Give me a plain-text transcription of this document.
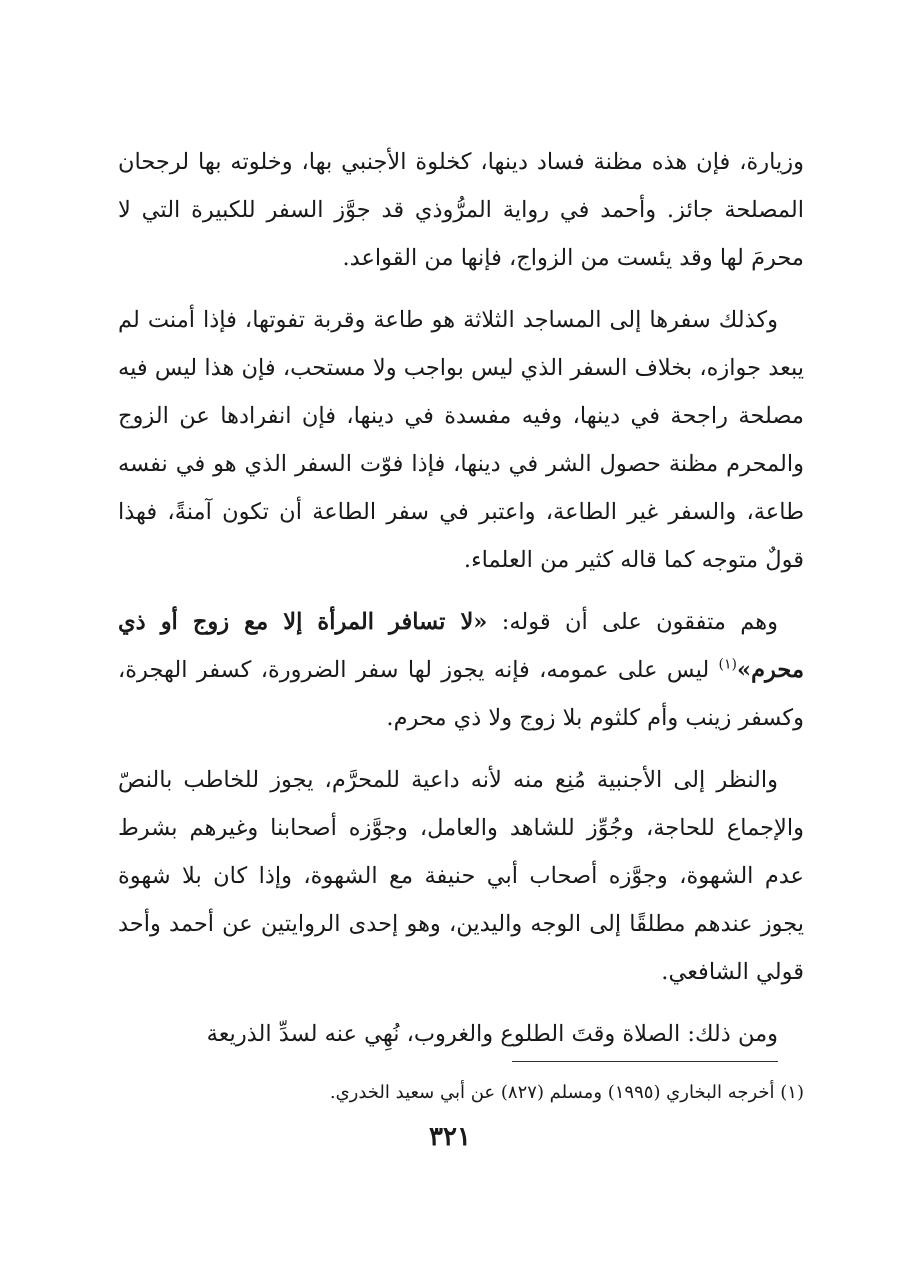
وزيارة، فإن هذه مظنة فساد دينها، كخلوة الأجنبي بها، وخلوته بها لرجحان المصلحة جائز. وأحمد في رواية المرُّوذي قد جوَّز السفر للكبيرة التي لا محرمَ لها وقد يئست من الزواج، فإنها من القواعد.

وكذلك سفرها إلى المساجد الثلاثة هو طاعة وقربة تفوتها، فإذا أمنت لم يبعد جوازه، بخلاف السفر الذي ليس بواجب ولا مستحب، فإن هذا ليس فيه مصلحة راجحة في دينها، وفيه مفسدة في دينها، فإن انفرادها عن الزوج والمحرم مظنة حصول الشر في دينها، فإذا فوّت السفر الذي هو في نفسه طاعة، والسفر غير الطاعة، واعتبر في سفر الطاعة أن تكون آمنةً، فهذا قولٌ متوجه كما قاله كثير من العلماء.

وهم متفقون على أن قوله: «لا تسافر المرأة إلا مع زوج أو ذي محرم»$^{(١)}$ ليس على عمومه، فإنه يجوز لها سفر الضرورة، كسفر الهجرة، وكسفر زينب وأم كلثوم بلا زوج ولا ذي محرم.

والنظر إلى الأجنبية مُنِع منه لأنه داعية للمحرَّم، يجوز للخاطب بالنصّ والإجماع للحاجة، وجُوِّز للشاهد والعامل، وجوَّزه أصحابنا وغيرهم بشرط عدم الشهوة، وجوَّزه أصحاب أبي حنيفة مع الشهوة، وإذا كان بلا شهوة يجوز عندهم مطلقًا إلى الوجه واليدين، وهو إحدى الروايتين عن أحمد وأحد قولي الشافعي.

ومن ذلك: الصلاة وقتَ الطلوع والغروب، نُهِي عنه لسدِّ الذريعة

(١) أخرجه البخاري (١٩٩٥) ومسلم (٨٢٧) عن أبي سعيد الخدري.
٣٢١
